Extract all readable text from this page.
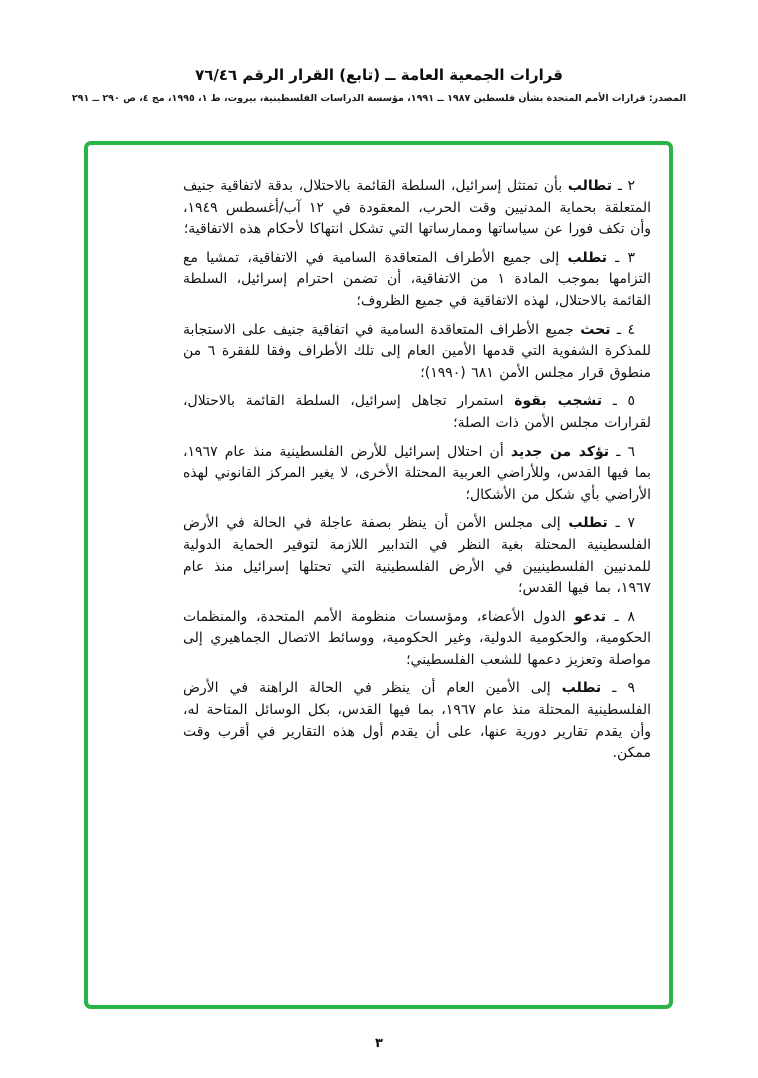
قرارات الجمعية العامة ــ (تابع) القرار الرقم ٧٦/٤٦
المصدر: قرارات الأمم المتحدة بشأن فلسطين ١٩٨٧ ــ ١٩٩١، مؤسسة الدراسات الفلسطينية، بيروت، ط ١، ١٩٩٥، مج ٤، ص ٢٩٠ ــ ٢٩١

٢ ـ تطالب بأن تمتثل إسرائيل، السلطة القائمة بالاحتلال، بدقة لاتفاقية جنيف المتعلقة بحماية المدنيين وقت الحرب، المعقودة في ١٢ آب/أغسطس ١٩٤٩، وأن تكف فورا عن سياساتها وممارساتها التي تشكل انتهاكا لأحكام هذه الاتفاقية؛

٣ ـ تطلب إلى جميع الأطراف المتعاقدة السامية في الاتفاقية، تمشيا مع التزامها بموجب المادة ١ من الاتفاقية، أن تضمن احترام إسرائيل، السلطة القائمة بالاحتلال، لهذه الاتفاقية في جميع الظروف؛

٤ ـ تحث جميع الأطراف المتعاقدة السامية في اتفاقية جنيف على الاستجابة للمذكرة الشفوية التي قدمها الأمين العام إلى تلك الأطراف وفقا للفقرة ٦ من منطوق قرار مجلس الأمن ٦٨١ (١٩٩٠)؛

٥ ـ تشجب بقوة استمرار تجاهل إسرائيل، السلطة القائمة بالاحتلال، لقرارات مجلس الأمن ذات الصلة؛

٦ ـ تؤكد من جديد أن احتلال إسرائيل للأرض الفلسطينية منذ عام ١٩٦٧، بما فيها القدس، وللأراضي العربية المحتلة الأخرى، لا يغير المركز القانوني لهذه الأراضي بأي شكل من الأشكال؛

٧ ـ تطلب إلى مجلس الأمن أن ينظر بصفة عاجلة في الحالة في الأرض الفلسطينية المحتلة بغية النظر في التدابير اللازمة لتوفير الحماية الدولية للمدنيين الفلسطينيين في الأرض الفلسطينية التي تحتلها إسرائيل منذ عام ١٩٦٧، بما فيها القدس؛

٨ ـ تدعو الدول الأعضاء، ومؤسسات منظومة الأمم المتحدة، والمنظمات الحكومية، والحكومية الدولية، وغير الحكومية، ووسائط الاتصال الجماهيري إلى مواصلة وتعزيز دعمها للشعب الفلسطيني؛

٩ ـ تطلب إلى الأمين العام أن ينظر في الحالة الراهنة في الأرض الفلسطينية المحتلة منذ عام ١٩٦٧، بما فيها القدس، بكل الوسائل المتاحة له، وأن يقدم تقارير دورية عنها، على أن يقدم أول هذه التقارير في أقرب وقت ممكن.

٣
